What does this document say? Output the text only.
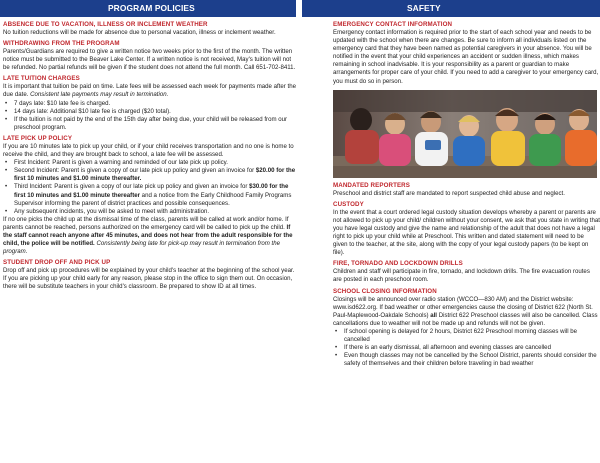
PROGRAM POLICIES
ABSENCE DUE TO VACATION, ILLNESS OR INCLEMENT WEATHER
No tuition reductions will be made for absence due to personal vacation, illness or inclement weather.
WITHDRAWING FROM THE PROGRAM
Parents/Guardians are required to give a written notice two weeks prior to the first of the month. The written notice must be submitted to the Beaver Lake Center. If a written notice is not received, May's tuition will not be refunded. No partial refunds will be given if the student does not attend the full month. Call 651-702-8411.
LATE TUITION CHARGES
It is important that tuition be paid on time. Late fees will be assessed each week for payments made after the due date. Consistent late payments may result in termination.
• 7 days late: $10 late fee is charged.
• 14 days late: Additional $10 late fee is charged ($20 total).
• If the tuition is not paid by the end of the 15th day after being due, your child will be released from our preschool program.
LATE PICK UP POLICY
If you are 10 minutes late to pick up your child, or if your child receives transportation and no one is home to receive the child, and they are brought back to school, a late fee will be assessed.
• First Incident: Parent is given a warning and reminded of our late pick up policy.
• Second Incident: Parent is given a copy of our late pick up policy and given an invoice for $20.00 for the first 10 minutes and $1.00 minute thereafter.
• Third Incident: Parent is given a copy of our late pick up policy and given an invoice for $30.00 for the first 10 minutes and $1.00 minute thereafter and a notice from the Early Childhood Family Programs Supervisor informing the parent of district practices and possible consequences.
• Any subsequent incidents, you will be asked to meet with administration.
If no one picks the child up at the dismissal time of the class, parents will be called at work and/or home. If parents cannot be reached, persons authorized on the emergency card will be called to pick up the child. If the staff cannot reach anyone after 45 minutes, and does not hear from the adult responsible for the child, the police will be notified. Consistently being late for pick-up may result in termination from the program.
STUDENT DROP OFF AND PICK UP
Drop off and pick up procedures will be explained by your child's teacher at the beginning of the school year. If you are picking up your child early for any reason, please stop in the office to sign them out. On occasion, there will be substitute teachers in your child's classroom. Be prepared to show ID at all times.
SAFETY
EMERGENCY CONTACT INFORMATION
Emergency contact information is required prior to the start of each school year and needs to be updated with the school when there are changes. Be sure to inform all individuals listed on the emergency card that they have been named as potential caregivers in your absence. You will be notified in the event that your child experiences an accident or sudden illness, which makes remaining in school inadvisable. It is your responsibility as a parent or guardian to make arrangements for proper care of your child. If you need to add a caregiver to your emergency card, you must do so in person.
MANDATED REPORTERS
Preschool and district staff are mandated to report suspected child abuse and neglect.
CUSTODY
In the event that a court ordered legal custody situation develops whereby a parent or parents are not allowed to pick up your child/ children without your consent, we ask that you state in writing that you have legal custody and give the name and relationship of the adult that does not have a legal right to pick up your child while at Preschool. This written and dated statement will need to be given to the teacher, at the site, along with the copy of your legal custody papers (to be kept on file).
FIRE, TORNADO AND LOCKDOWN DRILLS
Children and staff will participate in fire, tornado, and lockdown drills. The fire evacuation routes are posted in each preschool room.
SCHOOL CLOSING INFORMATION
Closings will be announced over radio station (WCCO—830 AM) and the District website: www.isd622.org. If bad weather or other emergencies cause the closing of District 622 (North St. Paul-Maplewood-Oakdale Schools) all District 622 Preschool classes will also be cancelled. Class cancellations due to weather will not be made up and refunds will not be given.
• If school opening is delayed for 2 hours, District 622 Preschool morning classes will be cancelled
• If there is an early dismissal, all afternoon and evening classes are cancelled
• Even though classes may not be cancelled by the School District, parents should consider the safety of themselves and their children before traveling in bad weather
